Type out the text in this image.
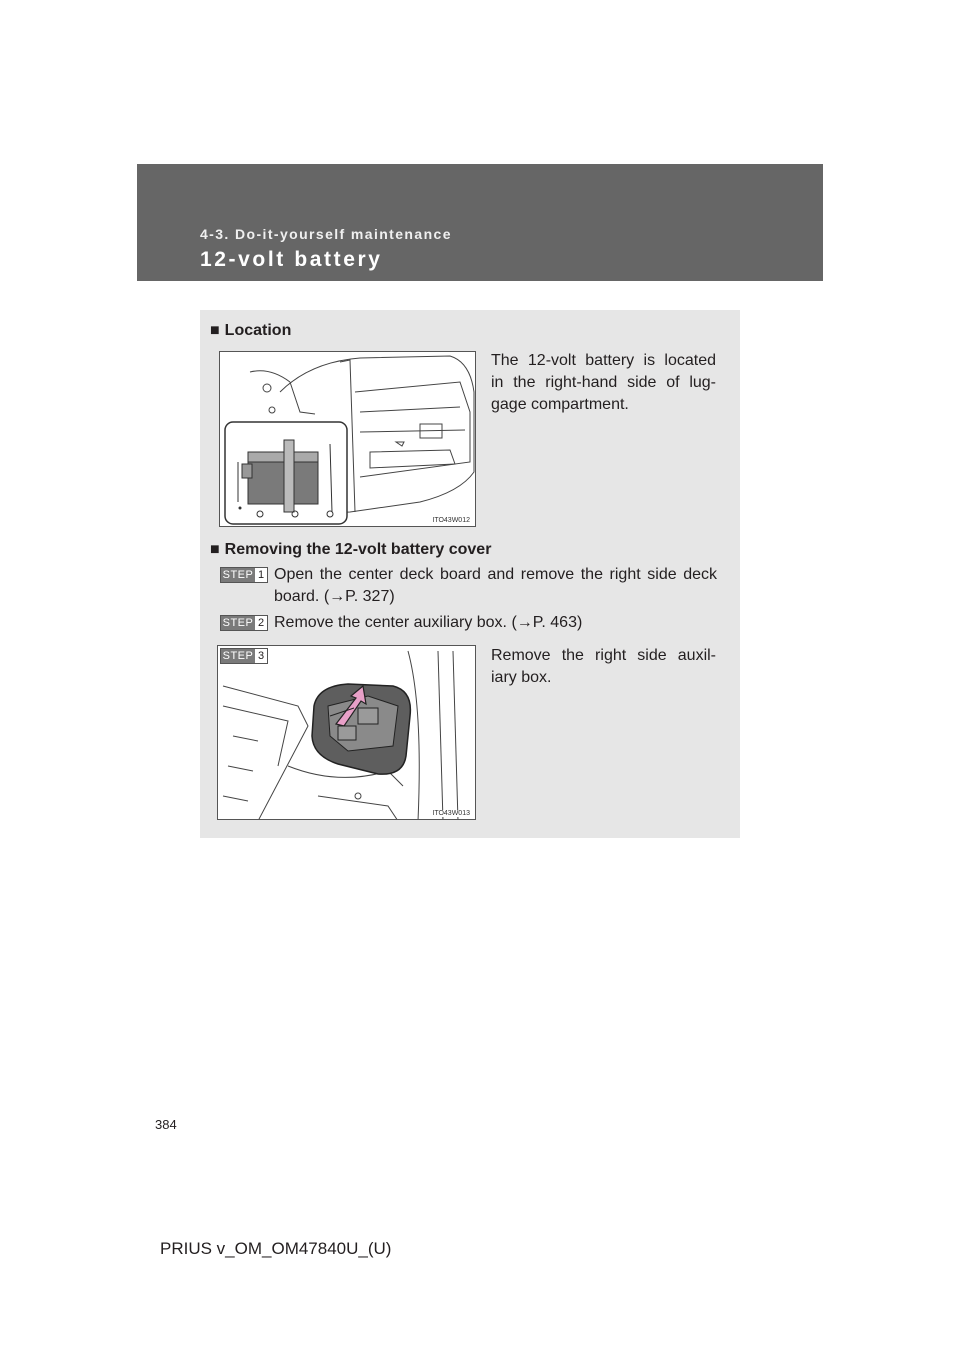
4-3. Do-it-yourself maintenance
12-volt battery
■ Location
ITO43W012
The 12-volt battery is located
in the right-hand side of lug-
gage compartment.
■ Removing the 12-volt battery cover
STEP 1 Open the center deck board and remove the right side deck
board. (→P. 327)
STEP 2 Remove the center auxiliary box. (→P. 463)
ITO43W013
STEP 3	Remove the right side auxil-
iary box.
384
PRIUS v_OM_OM47840U_(U)
